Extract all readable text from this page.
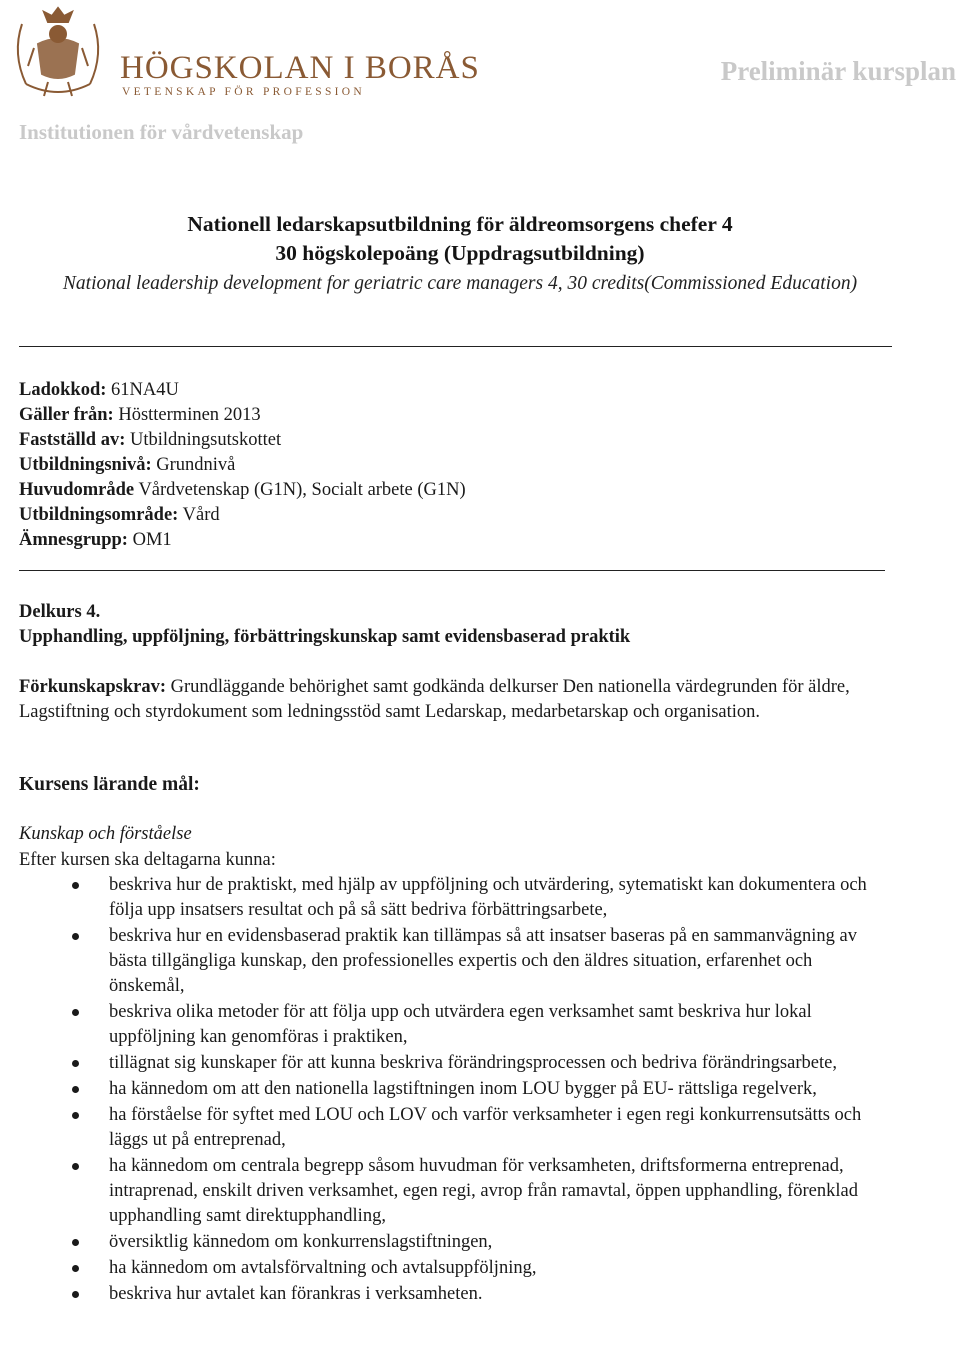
HÖGSKOLAN I BORÅS
VETENSKAP FÖR PROFESSION
Preliminär kursplan
Institutionen för vårdvetenskap
Nationell ledarskapsutbildning för äldreomsorgens chefer 4
30 högskolepoäng (Uppdragsutbildning)
National leadership development for geriatric care managers 4, 30 credits(Commissioned Education)
Ladokkod: 61NA4U
Gäller från: Höstterminen 2013
Fastställd av: Utbildningsutskottet
Utbildningsnivå: Grundnivå
Huvudområde Vårdvetenskap (G1N), Socialt arbete (G1N)
Utbildningsområde: Vård
Ämnesgrupp: OM1
Delkurs 4.
Upphandling, uppföljning, förbättringskunskap samt evidensbaserad praktik
Förkunskapskrav: Grundläggande behörighet samt godkända delkurser Den nationella värdegrunden för äldre, Lagstiftning och styrdokument som ledningsstöd samt Ledarskap, medarbetarskap och organisation.
Kursens lärande mål:
Kunskap och förståelse
Efter kursen ska deltagarna kunna:
beskriva hur de praktiskt, med hjälp av uppföljning och utvärdering, sytematiskt kan dokumentera och följa upp insatsers resultat och på så sätt bedriva förbättringsarbete,
beskriva hur en evidensbaserad praktik kan tillämpas så att insatser baseras på en sammanvägning av bästa tillgängliga kunskap, den professionelles expertis och den äldres situation, erfarenhet och önskemål,
beskriva olika metoder för att följa upp och utvärdera egen verksamhet samt beskriva hur lokal uppföljning kan genomföras i praktiken,
tillägnat sig kunskaper för att kunna beskriva förändringsprocessen och bedriva förändringsarbete,
ha kännedom om att den nationella lagstiftningen inom LOU bygger på EU- rättsliga regelverk,
ha förståelse för syftet med LOU och LOV och varför verksamheter i egen regi konkurrensutsätts och läggs ut på entreprenad,
ha kännedom om centrala begrepp såsom huvudman för verksamheten, driftsformerna entreprenad, intraprenad, enskilt driven verksamhet, egen regi, avrop från ramavtal, öppen upphandling, förenklad upphandling samt direktupphandling,
översiktlig kännedom om konkurrenslagstiftningen,
ha kännedom om avtalsförvaltning och avtalsuppföljning,
beskriva hur avtalet kan förankras i verksamheten.
